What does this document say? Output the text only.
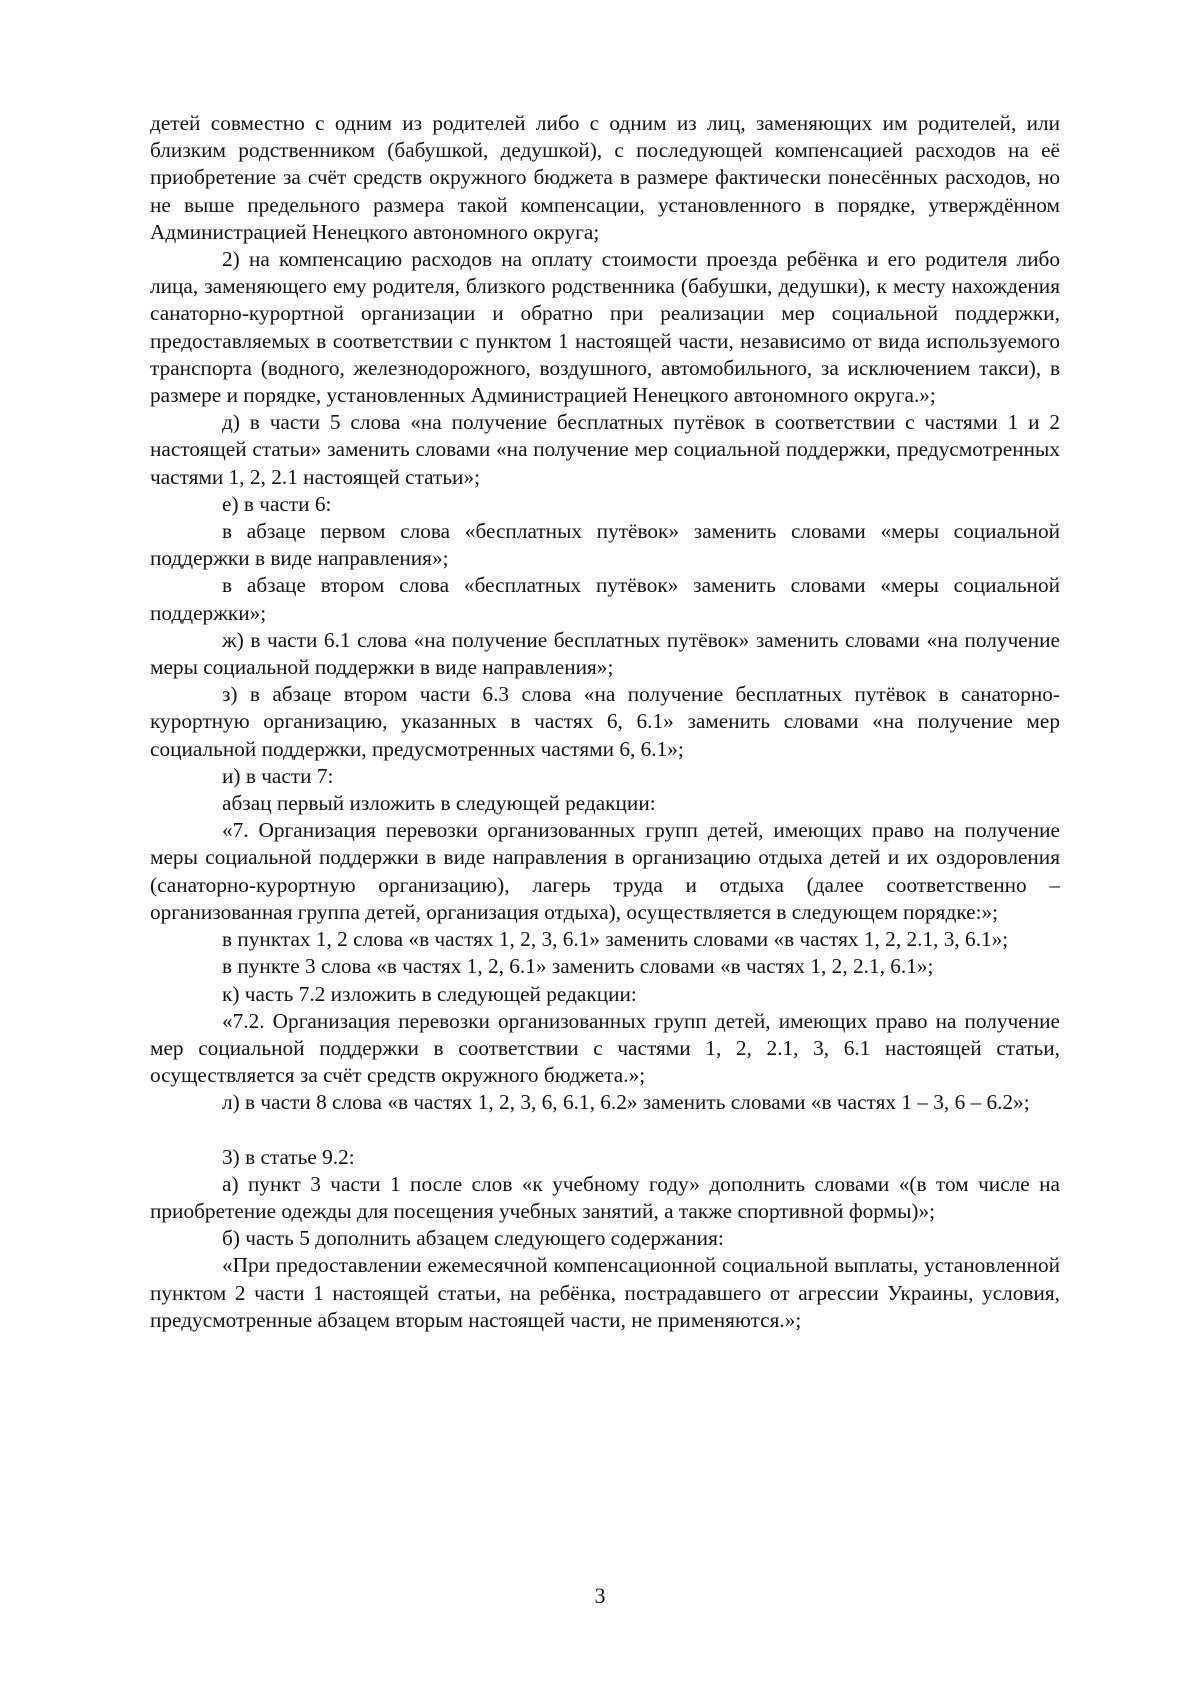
детей совместно с одним из родителей либо с одним из лиц, заменяющих им родителей, или близким родственником (бабушкой, дедушкой), с последующей компенсацией расходов на её приобретение за счёт средств окружного бюджета в размере фактически понесённых расходов, но не выше предельного размера такой компенсации, установленного в порядке, утверждённом Администрацией Ненецкого автономного округа;

2) на компенсацию расходов на оплату стоимости проезда ребёнка и его родителя либо лица, заменяющего ему родителя, близкого родственника (бабушки, дедушки), к месту нахождения санаторно-курортной организации и обратно при реализации мер социальной поддержки, предоставляемых в соответствии с пунктом 1 настоящей части, независимо от вида используемого транспорта (водного, железнодорожного, воздушного, автомобильного, за исключением такси), в размере и порядке, установленных Администрацией Ненецкого автономного округа.»;

д) в части 5 слова «на получение бесплатных путёвок в соответствии с частями 1 и 2 настоящей статьи» заменить словами «на получение мер социальной поддержки, предусмотренных частями 1, 2, 2.1 настоящей статьи»;

е) в части 6:

в абзаце первом слова «бесплатных путёвок» заменить словами «меры социальной поддержки в виде направления»;

в абзаце втором слова «бесплатных путёвок» заменить словами «меры социальной поддержки»;

ж) в части 6.1 слова «на получение бесплатных путёвок» заменить словами «на получение меры социальной поддержки в виде направления»;

з) в абзаце втором части 6.3 слова «на получение бесплатных путёвок в санаторно-курортную организацию, указанных в частях 6, 6.1» заменить словами «на получение мер социальной поддержки, предусмотренных частями 6, 6.1»;

и) в части 7:

абзац первый изложить в следующей редакции:

«7. Организация перевозки организованных групп детей, имеющих право на получение меры социальной поддержки в виде направления в организацию отдыха детей и их оздоровления (санаторно-курортную организацию), лагерь труда и отдыха (далее соответственно – организованная группа детей, организация отдыха), осуществляется в следующем порядке:»;

в пунктах 1, 2 слова «в частях 1, 2, 3, 6.1» заменить словами «в частях 1, 2, 2.1, 3, 6.1»;

в пункте 3 слова «в частях 1, 2, 6.1» заменить словами «в частях 1, 2, 2.1, 6.1»;

к) часть 7.2 изложить в следующей редакции:

«7.2. Организация перевозки организованных групп детей, имеющих право на получение мер социальной поддержки в соответствии с частями 1, 2, 2.1, 3, 6.1 настоящей статьи, осуществляется за счёт средств окружного бюджета.»;

л) в части 8 слова «в частях 1, 2, 3, 6, 6.1, 6.2» заменить словами «в частях 1 – 3, 6 – 6.2»;

3) в статье 9.2:

а) пункт 3 части 1 после слов «к учебному году» дополнить словами «(в том числе на приобретение одежды для посещения учебных занятий, а также спортивной формы)»;

б) часть 5 дополнить абзацем следующего содержания:

«При предоставлении ежемесячной компенсационной социальной выплаты, установленной пунктом 2 части 1 настоящей статьи, на ребёнка, пострадавшего от агрессии Украины, условия, предусмотренные абзацем вторым настоящей части, не применяются.»;

3
